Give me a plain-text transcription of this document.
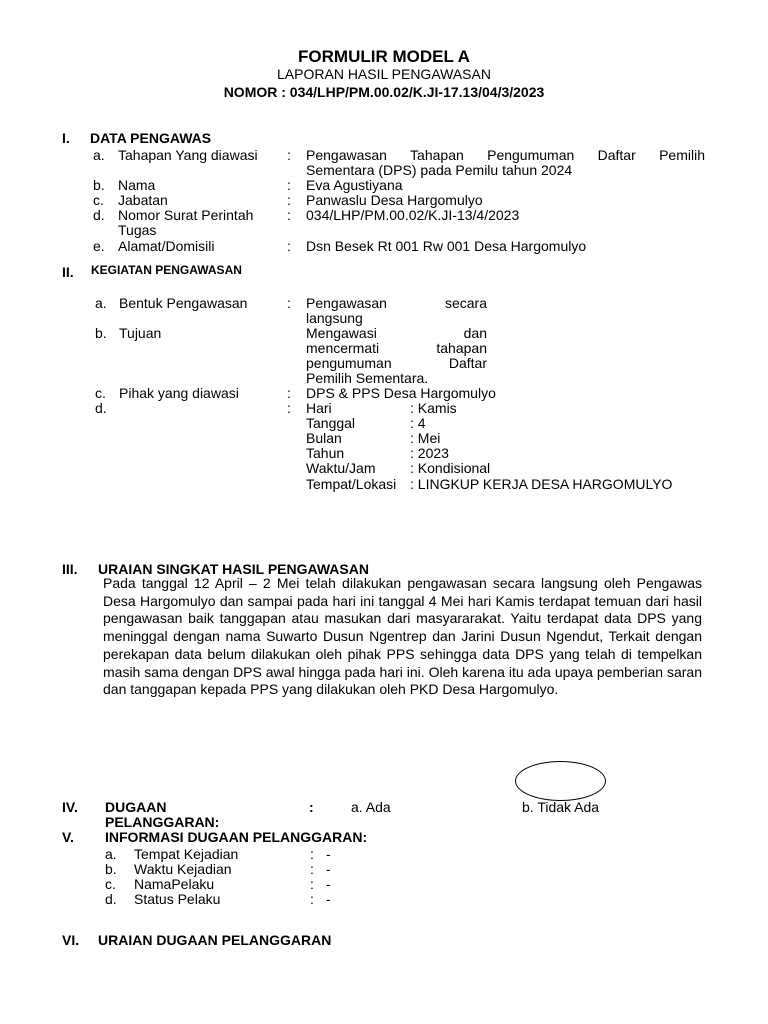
FORMULIR MODEL A
LAPORAN HASIL PENGAWASAN
NOMOR : 034/LHP/PM.00.02/K.JI-17.13/04/3/2023
I. DATA PENGAWAS
a. Tahapan Yang diawasi : Pengawasan Tahapan Pengumuman Daftar Pemilih
Sementara (DPS) pada Pemilu tahun 2024
b. Nama	: Eva Agustiyana
c. Jabatan	: Panwaslu Desa Hargomulyo
d. Nomor Surat Perintah
Tugas
: 034/LHP/PM.00.02/K.JI-13/4/2023
e. Alamat/Domisili	: Dsn Besek Rt 001 Rw 001 Desa Hargomulyo
II. KEGIATAN PENGAWASAN
a. Bentuk Pengawasan	: Pengawasan secara
langsung
b. Tujuan	Mengawasi dan
mencermati tahapan
pengumuman Daftar
Pemilih Sementara.
c. Pihak yang diawasi	: DPS & PPS Desa Hargomulyo
d.	: Hari	: Kamis
Tanggal	: 4
Bulan	: Mei
Tahun	: 2023
Waktu/Jam : Kondisional
Tempat/Lokasi : LINGKUP KERJA DESA HARGOMULYO
III. URAIAN SINGKAT HASIL PENGAWASAN

Pada tanggal 12 April – 2 Mei telah dilakukan pengawasan secara langsung oleh Pengawas Desa Hargomulyo dan sampai pada hari ini tanggal 4 Mei hari Kamis terdapat temuan dari hasil pengawasan baik tanggapan atau masukan dari masyararakat. Yaitu terdapat data DPS yang meninggal dengan nama Suwarto Dusun Ngentrep dan Jarini Dusun Ngendut, Terkait dengan perekapan data belum dilakukan oleh pihak PPS sehingga data DPS yang telah di tempelkan masih sama dengan DPS awal hingga pada hari ini. Oleh karena itu ada upaya pemberian saran dan tanggapan kepada PPS yang dilakukan oleh PKD Desa Hargomulyo.

IV. DUGAAN
PELANGGARAN:
:	a. Ada	b. Tidak Ada
V. INFORMASI DUGAAN PELANGGARAN:
a. Tempat Kejadian	: -
b. Waktu Kejadian	: -
c. NamaPelaku	: -
d. Status Pelaku	: -
VI. URAIAN DUGAAN PELANGGARAN
